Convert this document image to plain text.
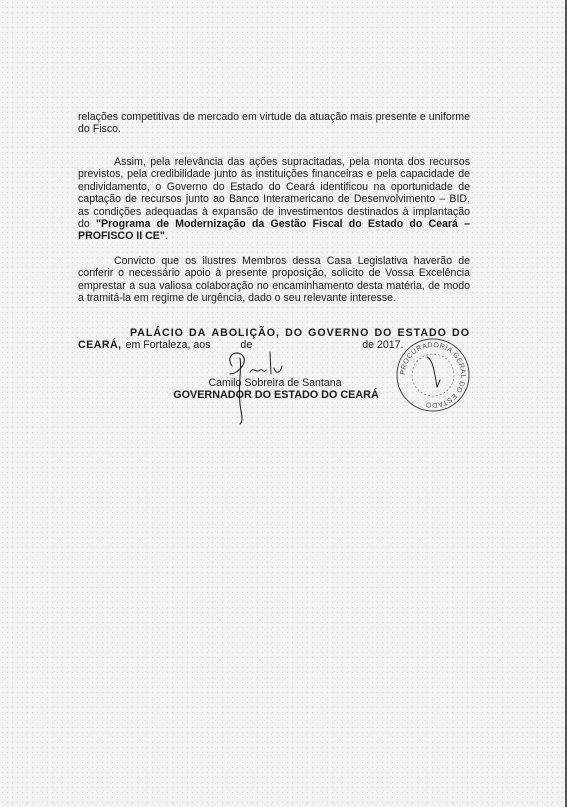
relações competitivas de mercado em virtude da atuação mais presente e uniforme do Fisco.

Assim, pela relevância das ações supracitadas, pela monta dos recursos previstos, pela credibilidade junto às instituições financeiras e pela capacidade de endividamento, o Governo do Estado do Ceará identificou na oportunidade de captação de recursos junto ao Banco Interamericano de Desenvolvimento – BID, as condições adequadas à expansão de investimentos destinados à implantação do "Programa de Modernização da Gestão Fiscal do Estado do Ceará – PROFISCO II CE".

Convicto que os ilustres Membros dessa Casa Legislativa haverão de conferir o necessário apoio à presente proposição, solicito de Vossa Excelência emprestar a sua valiosa colaboração no encaminhamento desta matéria, de modo a tramitá-la em regime de urgência, dado o seu relevante interesse.

PALÁCIO DA ABOLIÇÃO, DO GOVERNO DO ESTADO DO
CEARÁ, em Fortaleza, aos	de	de 2017.
Camilo Sobreira de Santana
GOVERNADOR DO ESTADO DO CEARÁ
PROCURADORIA GERAL DO ESTADO
